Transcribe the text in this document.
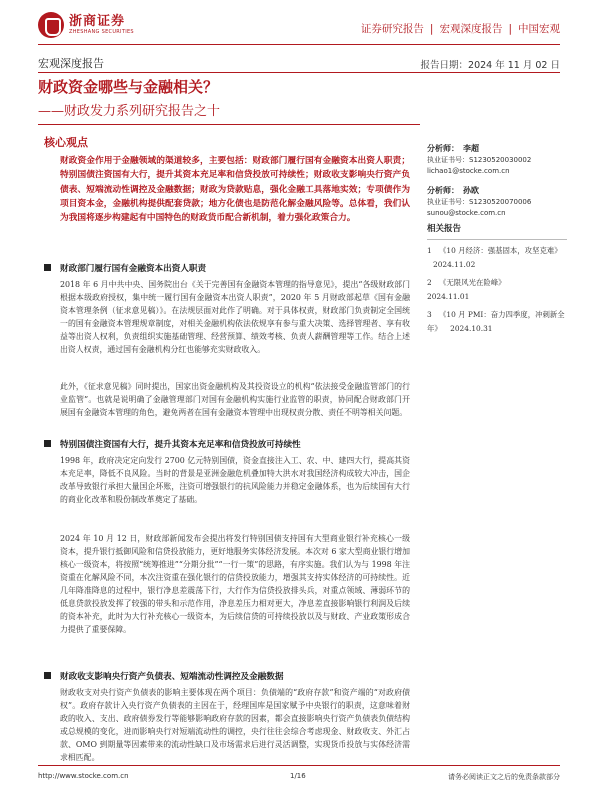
浙商证券
ZHESHANG SECURITIES	证券研究报告 | 宏观深度报告 | 中国宏观
宏观深度报告	报告日期：2024 年 11 月 02 日
财政资金哪些与金融相关？
——财政发力系列研究报告之十
核心观点
财政资金作用于金融领域的渠道较多，主要包括：财政部门履行国有金融资本出资人职责；特别国债注资国有大行，提升其资本充足率和信贷投放可持续性；财政收支影响央行资产负债表、短端流动性调控及金融数据；财政为贷款贴息，强化金融工具落地实效；专项债作为项目资本金，金融机构提供配套贷款；地方化债也是防范化解金融风险等。总体看，我们认为我国将逐步构建起有中国特色的财政货币配合新机制，着力强化政策合力。
财政部门履行国有金融资本出资人职责
2018 年 6 月中共中央、国务院出台《关于完善国有金融资本管理的指导意见》，提出“各级财政部门根据本级政府授权，集中统一履行国有金融资本出资人职责”，2020 年 5 月财政部起草《国有金融资本管理条例（征求意见稿）》。在法规层面对此作了明确。对于具体权责，财政部门负责制定全国统一的国有金融资本管理规章制度，对相关金融机构依法依规享有参与重大决策、选择管理者、享有收益等出资人权利，负责组织实施基础管理、经营预算、绩效考核、负责人薪酬管理等工作。结合上述出资人权责，通过国有金融机构分红也能够充实财政收入。
此外，《征求意见稿》同时提出，国家出资金融机构及其投资设立的机构“依法接受金融监管部门的行业监管”。也就是说明确了金融管理部门对国有金融机构实施行业监管的职责，协同配合财政部门开展国有金融资本管理的角色，避免两者在国有金融资本管理中出现权责分散、责任不明等相关问题。
特别国债注资国有大行，提升其资本充足率和信贷投放可持续性
1998 年，政府决定定向发行 2700 亿元特别国债，资金直接注入工、农、中、建四大行，提高其资本充足率，降低不良风险。当时的背景是亚洲金融危机叠加特大洪水对我国经济构成较大冲击，国企改革导致银行承担大量国企坏账，注资可增强银行的抗风险能力并稳定金融体系，也为后续国有大行的商业化改革和股份制改革奠定了基础。
2024 年 10 月 12 日，财政部新闻发布会提出将发行特别国债支持国有大型商业银行补充核心一级资本，提升银行抵御风险和信贷投放能力，更好地服务实体经济发展。本次对 6 家大型商业银行增加核心一级资本，将按照“统筹推进”“分期分批”“一行一策”的思路，有序实施。我们认为与 1998 年注资重在化解风险不同，本次注资重在强化银行的信贷投放能力，增强其支持实体经济的可持续性。近几年降准降息的过程中，银行净息差震荡下行，大行作为信贷投放排头兵，对重点领域、薄弱环节的低息贷款投放发挥了较强的带头和示范作用，净息差压力相对更大，净息差直接影响银行利润及后续的资本补充，此时为大行补充核心一级资本，为后续信贷的可持续投放以及与财政、产业政策形成合力提供了重要保障。
财政收支影响央行资产负债表、短端流动性调控及金融数据
财政收支对央行资产负债表的影响主要体现在两个项目：负债端的“政府存款”和资产端的“对政府债权”。政府存款计入央行资产负债表的主因在于，经理国库是国家赋予中央银行的职责，这意味着财政的收入、支出、政府债券发行等能够影响政府存款的因素，都会直接影响央行资产负债表负债结构或总规模的变化，进而影响央行对短端流动性的调控，央行往往会综合考虑现金、财政收支、外汇占款、OMO 到期量等因素带来的流动性缺口及市场需求后进行灵活调整，实现货币投放与实体经济需求相匹配。
分析师： 李超
执业证书号：S1230520030002
lichao1@stocke.com.cn
分析师： 孙欧
执业证书号：S1230520070006
sunou@stocke.com.cn
相关报告
1 《10 月经济：强基固本，攻坚克难》 2024.11.02
2 《无限风光在险峰》
2024.11.01
3 《10 月 PMI：奋力四季度，冲刺新全年》 2024.10.31
http://www.stocke.com.cn	1/16	请务必阅读正文之后的免责条款部分
